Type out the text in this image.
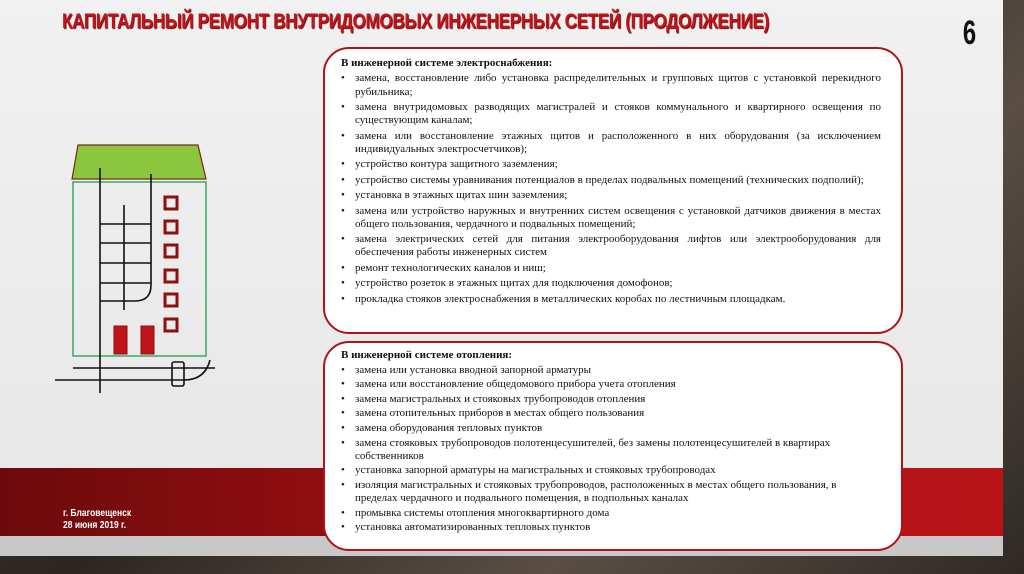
КАПИТАЛЬНЫЙ РЕМОНТ ВНУТРИДОМОВЫХ ИНЖЕНЕРНЫХ СЕТЕЙ (ПРОДОЛЖЕНИЕ)	6
В инженерной системе электроснабжения:
• замена, восстановление либо установка распределительных и групповых щитов с установкой перекидного рубильника;
• замена внутридомовых разводящих магистралей и стояков коммунального и квартирного освещения по существующим каналам;
• замена или восстановление этажных щитов и расположенного в них оборудования (за исключением индивидуальных электросчетчиков);
• устройство контура защитного заземления;
• устройство системы уравнивания потенциалов в пределах подвальных помещений (технических подполий);
• установка в этажных щитах шин заземления;
• замена или устройство наружных и внутренних систем освещения с установкой датчиков движения в местах общего пользования, чердачного и подвальных помещений;
• замена электрических сетей для питания электрооборудования лифтов или электрооборудования для обеспечения работы инженерных систем
• ремонт технологических каналов и ниш;
• устройство розеток в этажных щитах для подключения домофонов;
• прокладка стояков электроснабжения в металлических коробах по лестничным площадкам.
В инженерной системе отопления:
• замена или установка вводной запорной арматуры
• замена или восстановление общедомового прибора учета отопления
• замена магистральных и стояковых трубопроводов отопления
• замена отопительных приборов в местах общего пользования
• замена оборудования тепловых пунктов
• замена стояковых трубопроводов полотенцесушителей, без замены полотенцесушителей в квартирах собственников
• установка запорной арматуры на магистральных и стояковых трубопроводах
• изоляция магистральных и стояковых трубопроводов, расположенных в местах общего пользования, в пределах чердачного и подвального помещения, в подпольных каналах
• промывка системы отопления многоквартирного дома
• установка автоматизированных тепловых пунктов
г. Благовещенск
28 июня 2019 г.
